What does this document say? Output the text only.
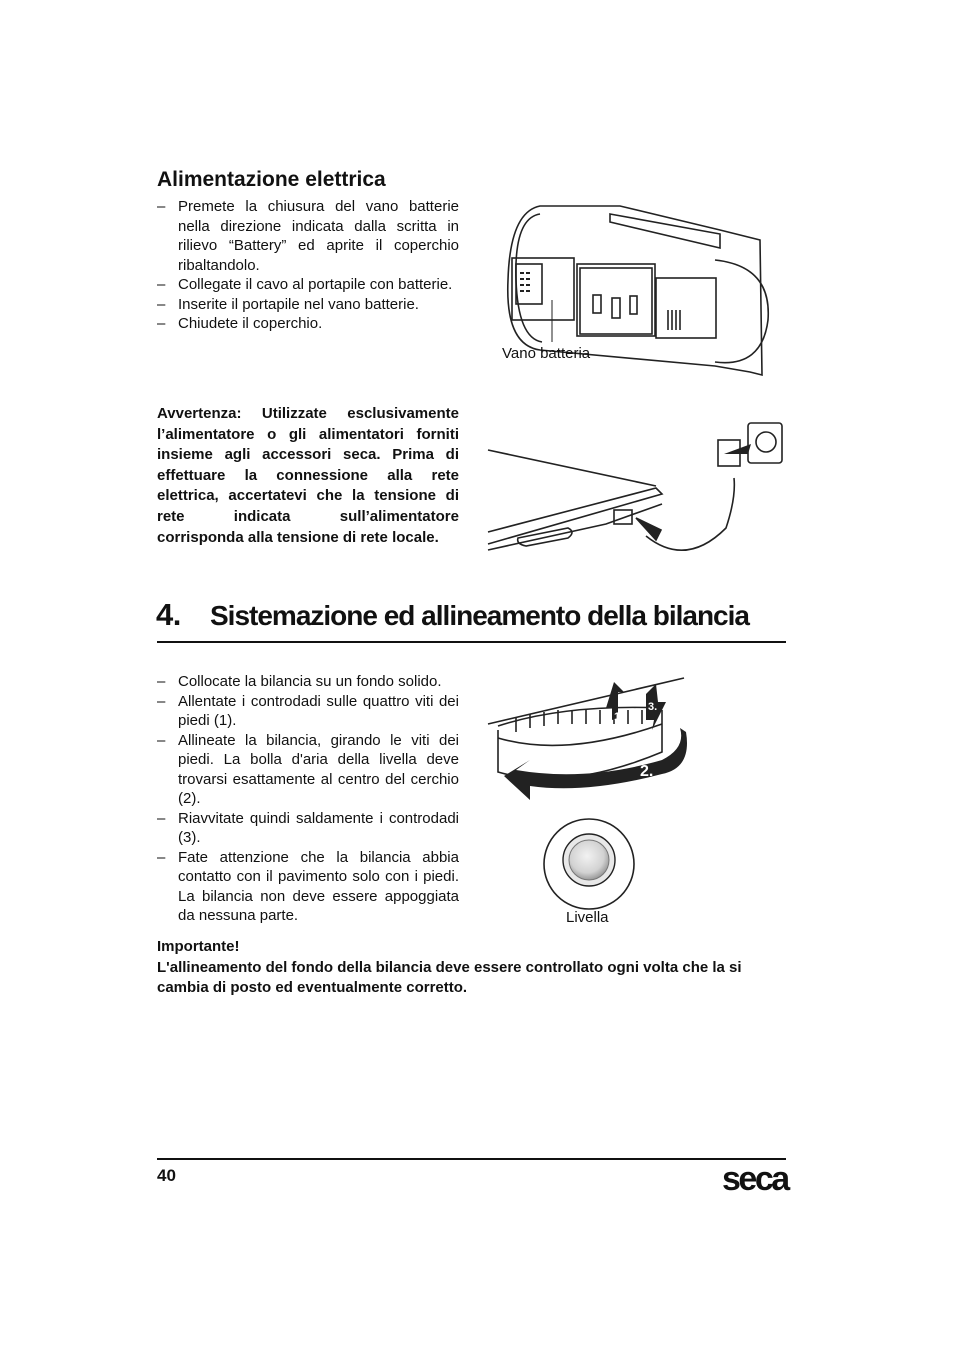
Alimentazione elettrica
– Premete la chiusura del vano batterie nella direzione indicata dalla scritta in rilievo “Battery” ed aprite il coperchio ribaltandolo.
– Collegate il cavo al portapile con batterie.
– Inserite il portapile nel vano batterie.
– Chiudete il coperchio.
Vano batteria
Avvertenza: Utilizzate esclusivamente l’alimentatore o gli alimentatori forniti insieme agli accessori seca. Prima di effettuare la connessione alla rete elettrica, accertatevi che la tensione di rete indicata sull’alimentatore corrisponda alla tensione di rete locale.
4. Sistemazione ed allineamento della bilancia
– Collocate la bilancia su un fondo solido.
– Allentate i controdadi sulle quattro viti dei piedi (1).
– Allineate la bilancia, girando le viti dei piedi. La bolla d'aria della livella deve trovarsi esattamente al centro del cerchio (2).
– Riavvitate quindi saldamente i controdadi (3).
– Fate attenzione che la bilancia abbia contatto con il pavimento solo con i piedi. La bilancia non deve essere appoggiata da nessuna parte.
1.
3.
2.
Livella
Importante!
L'allineamento del fondo della bilancia deve essere controllato ogni volta che la si cambia di posto ed eventualmente corretto.
40	seca
